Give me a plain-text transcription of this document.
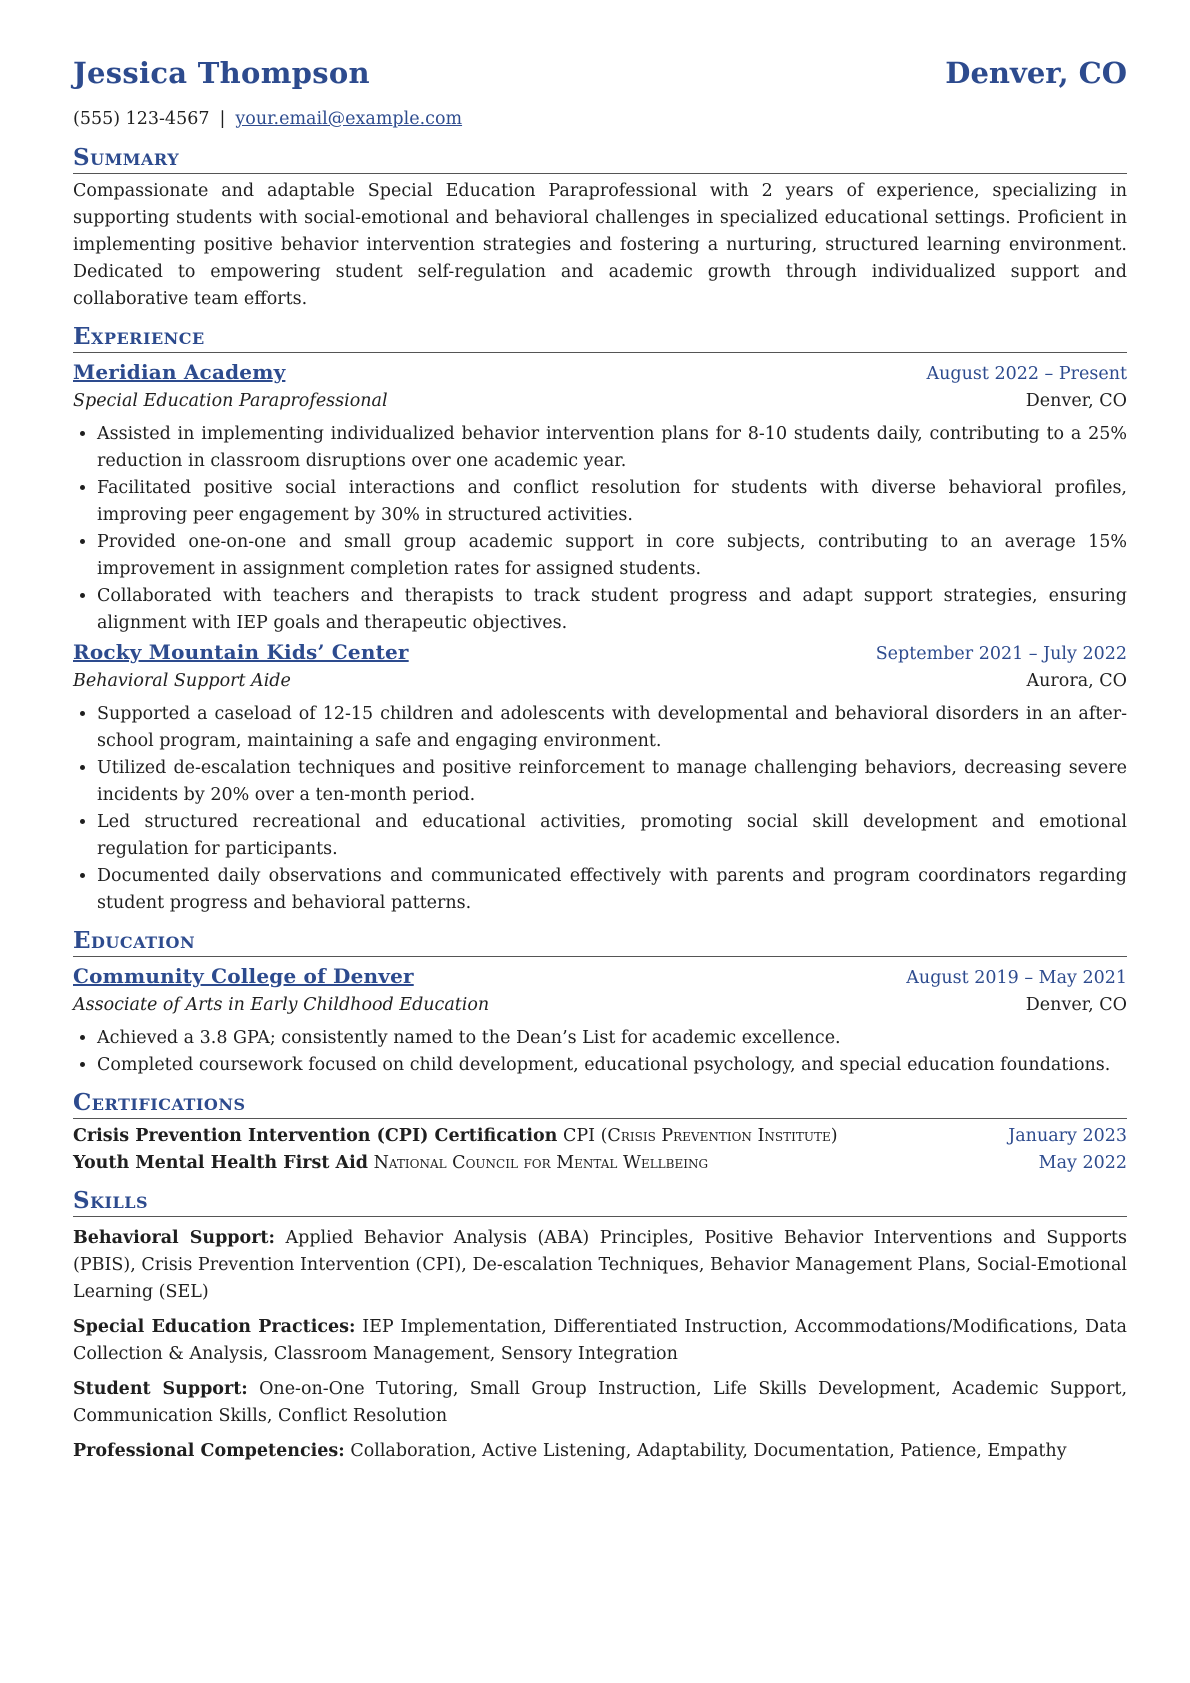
Jessica Thompson	Denver, CO
(555) 123-4567 | your.email@example.com
Summary
Compassionate and adaptable Special Education Paraprofessional with 2 years of experience, specializing in supporting students with social-emotional and behavioral challenges in specialized educational settings. Proficient in implementing positive behavior intervention strategies and fostering a nurturing, structured learning environment. Dedicated to empowering student self-regulation and academic growth through individualized support and collaborative team efforts.
Experience
Meridian Academy	August 2022 – Present
Special Education Paraprofessional	Denver, CO
• Assisted in implementing individualized behavior intervention plans for 8-10 students daily, contributing to a 25% reduction in classroom disruptions over one academic year.
• Facilitated positive social interactions and conflict resolution for students with diverse behavioral profiles, improving peer engagement by 30% in structured activities.
• Provided one-on-one and small group academic support in core subjects, contributing to an average 15% improvement in assignment completion rates for assigned students.
• Collaborated with teachers and therapists to track student progress and adapt support strategies, ensuring alignment with IEP goals and therapeutic objectives.
Rocky Mountain Kids’ Center	September 2021 – July 2022
Behavioral Support Aide	Aurora, CO
• Supported a caseload of 12-15 children and adolescents with developmental and behavioral disorders in an after-school program, maintaining a safe and engaging environment.
• Utilized de-escalation techniques and positive reinforcement to manage challenging behaviors, decreasing severe incidents by 20% over a ten-month period.
• Led structured recreational and educational activities, promoting social skill development and emotional regulation for participants.
• Documented daily observations and communicated effectively with parents and program coordinators regarding student progress and behavioral patterns.
Education
Community College of Denver	August 2019 – May 2021
Associate of Arts in Early Childhood Education	Denver, CO
• Achieved a 3.8 GPA; consistently named to the Dean’s List for academic excellence.
• Completed coursework focused on child development, educational psychology, and special education foundations.
Certifications
Crisis Prevention Intervention (CPI) Certification CPI (Crisis Prevention Institute)	January 2023
Youth Mental Health First Aid National Council for Mental Wellbeing	May 2022
Skills
Behavioral Support: Applied Behavior Analysis (ABA) Principles, Positive Behavior Interventions and Supports (PBIS), Crisis Prevention Intervention (CPI), De-escalation Techniques, Behavior Management Plans, Social-Emotional Learning (SEL)
Special Education Practices: IEP Implementation, Differentiated Instruction, Accommodations/Modifications, Data Collection & Analysis, Classroom Management, Sensory Integration
Student Support: One-on-One Tutoring, Small Group Instruction, Life Skills Development, Academic Support, Communication Skills, Conflict Resolution
Professional Competencies: Collaboration, Active Listening, Adaptability, Documentation, Patience, Empathy
